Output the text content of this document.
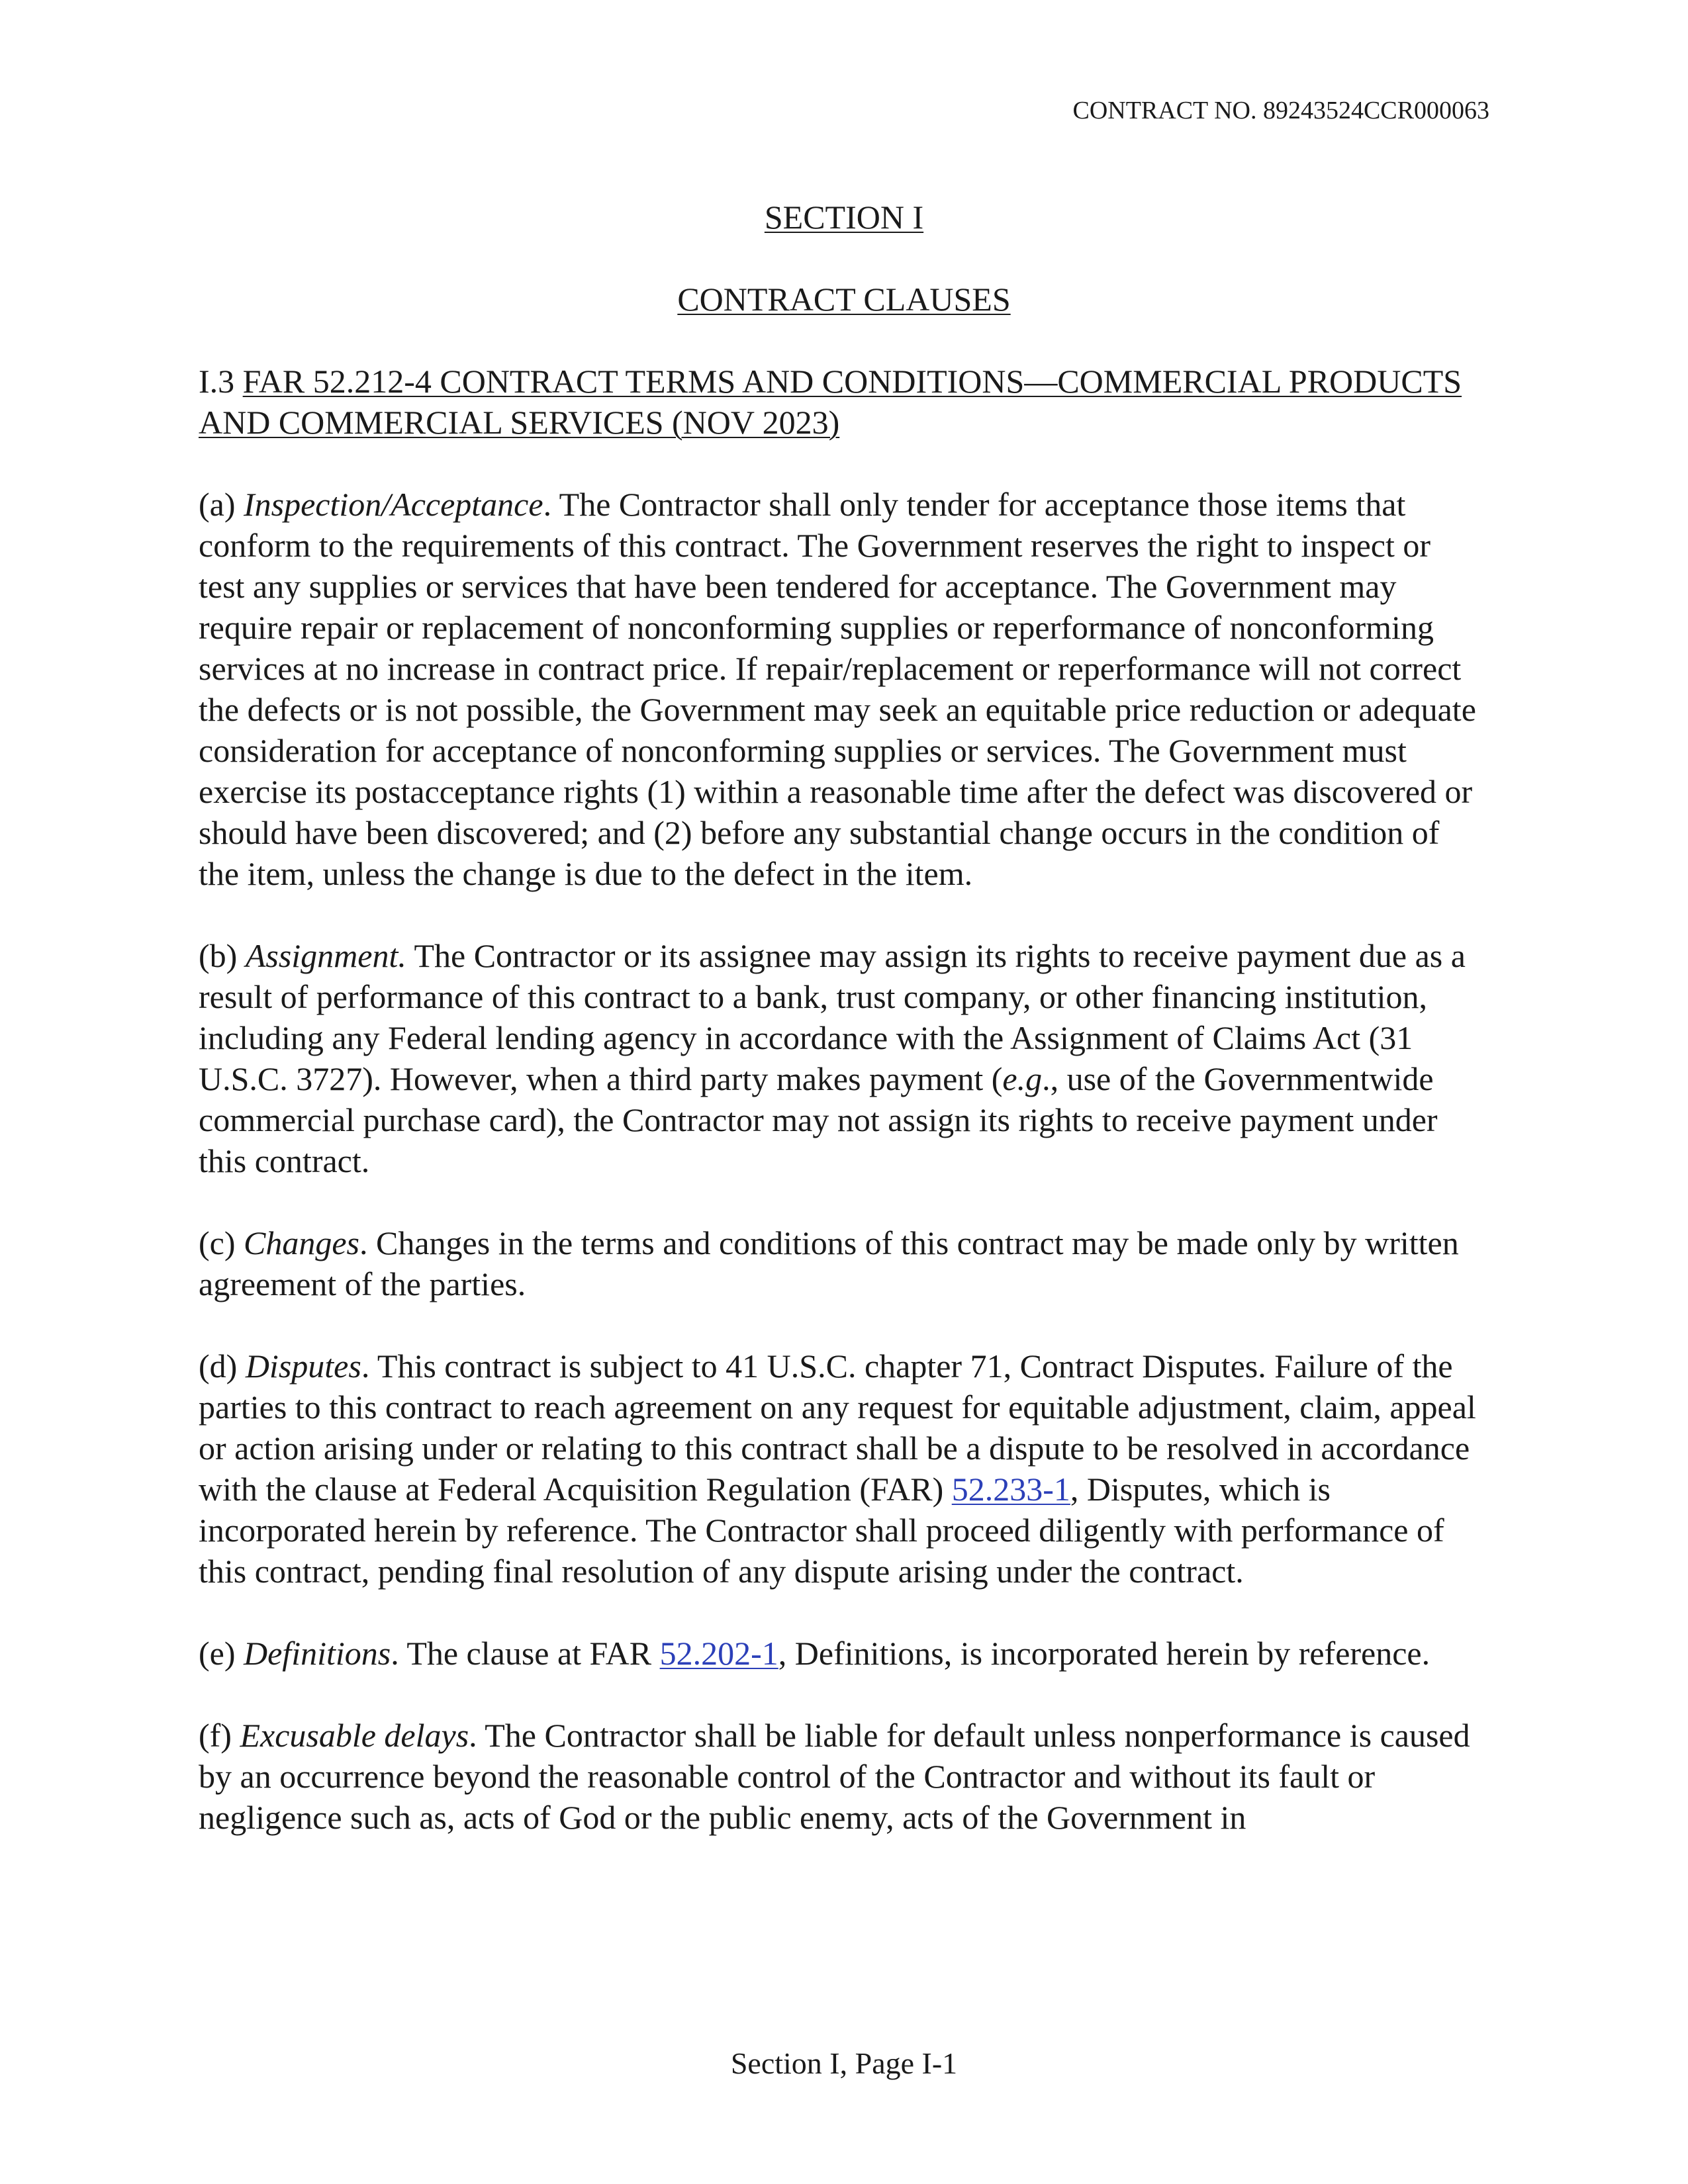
CONTRACT NO. 89243524CCR000063
SECTION I
CONTRACT CLAUSES

I.3 FAR 52.212-4 CONTRACT TERMS AND CONDITIONS—COMMERCIAL PRODUCTS AND COMMERCIAL SERVICES (NOV 2023)

(a) Inspection/Acceptance. The Contractor shall only tender for acceptance those items that conform to the requirements of this contract. The Government reserves the right to inspect or test any supplies or services that have been tendered for acceptance. The Government may require repair or replacement of nonconforming supplies or reperformance of nonconforming services at no increase in contract price. If repair/replacement or reperformance will not correct the defects or is not possible, the Government may seek an equitable price reduction or adequate consideration for acceptance of nonconforming supplies or services. The Government must exercise its postacceptance rights (1) within a reasonable time after the defect was discovered or should have been discovered; and (2) before any substantial change occurs in the condition of the item, unless the change is due to the defect in the item.

(b) Assignment. The Contractor or its assignee may assign its rights to receive payment due as a result of performance of this contract to a bank, trust company, or other financing institution, including any Federal lending agency in accordance with the Assignment of Claims Act (31 U.S.C. 3727). However, when a third party makes payment (e.g., use of the Governmentwide commercial purchase card), the Contractor may not assign its rights to receive payment under this contract.

(c) Changes. Changes in the terms and conditions of this contract may be made only by written agreement of the parties.

(d) Disputes. This contract is subject to 41 U.S.C. chapter 71, Contract Disputes. Failure of the parties to this contract to reach agreement on any request for equitable adjustment, claim, appeal or action arising under or relating to this contract shall be a dispute to be resolved in accordance with the clause at Federal Acquisition Regulation (FAR) 52.233-1, Disputes, which is incorporated herein by reference. The Contractor shall proceed diligently with performance of this contract, pending final resolution of any dispute arising under the contract.

(e) Definitions. The clause at FAR 52.202-1, Definitions, is incorporated herein by reference.

(f) Excusable delays. The Contractor shall be liable for default unless nonperformance is caused by an occurrence beyond the reasonable control of the Contractor and without its fault or negligence such as, acts of God or the public enemy, acts of the Government in

Section I, Page I-1
